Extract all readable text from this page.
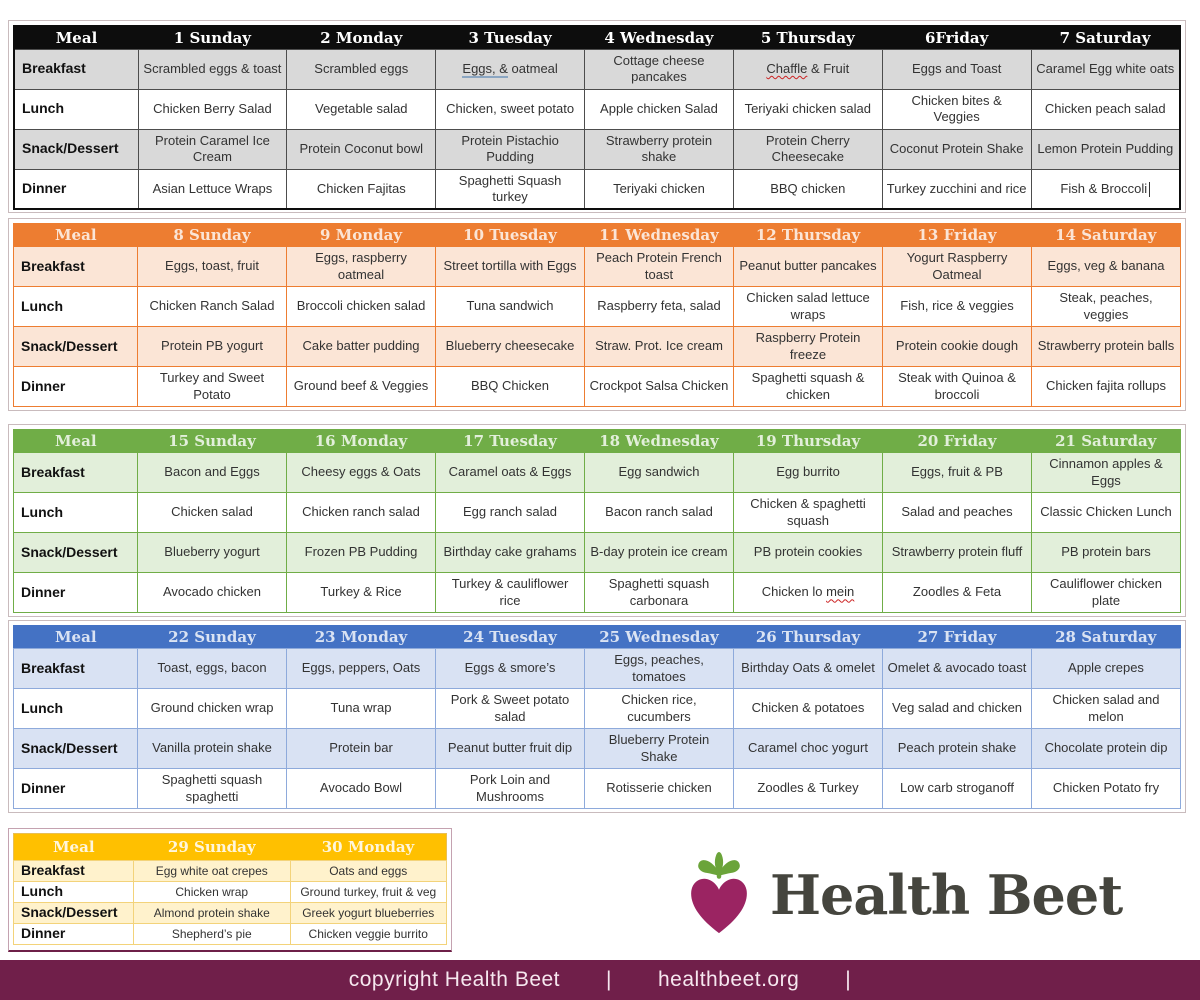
Meal	1 Sunday	2 Monday	3 Tuesday	4 Wednesday	5 Thursday	6Friday	7 Saturday
Breakfast	Scrambled eggs & toast	Scrambled eggs	Eggs, & oatmeal	Cottage cheese pancakes	Chaffle & Fruit	Eggs and Toast	Caramel Egg white oats
Lunch	Chicken Berry Salad	Vegetable salad	Chicken, sweet potato	Apple chicken Salad	Teriyaki chicken salad	Chicken bites & Veggies	Chicken peach salad
Snack/Dessert	Protein Caramel Ice Cream	Protein Coconut bowl	Protein Pistachio Pudding	Strawberry protein shake	Protein Cherry Cheesecake	Coconut Protein Shake	Lemon Protein Pudding
Dinner	Asian Lettuce Wraps	Chicken Fajitas	Spaghetti Squash turkey	Teriyaki chicken	BBQ chicken	Turkey zucchini and rice	Fish & Broccoli
Meal	8 Sunday	9 Monday	10 Tuesday	11 Wednesday	12 Thursday	13 Friday	14 Saturday
Breakfast	Eggs, toast, fruit	Eggs, raspberry oatmeal	Street tortilla with Eggs	Peach Protein French toast	Peanut butter pancakes	Yogurt Raspberry Oatmeal	Eggs, veg & banana
Lunch	Chicken Ranch Salad	Broccoli chicken salad	Tuna sandwich	Raspberry feta, salad	Chicken salad lettuce wraps	Fish, rice & veggies	Steak, peaches, veggies
Snack/Dessert	Protein PB yogurt	Cake batter pudding	Blueberry cheesecake	Straw. Prot. Ice cream	Raspberry Protein freeze	Protein cookie dough	Strawberry protein balls
Dinner	Turkey and Sweet Potato	Ground beef & Veggies	BBQ Chicken	Crockpot Salsa Chicken	Spaghetti squash & chicken	Steak with Quinoa & broccoli	Chicken fajita rollups
Meal	15 Sunday	16 Monday	17 Tuesday	18 Wednesday	19 Thursday	20 Friday	21 Saturday
Breakfast	Bacon and Eggs	Cheesy eggs & Oats	Caramel oats & Eggs	Egg sandwich	Egg burrito	Eggs, fruit & PB	Cinnamon apples & Eggs
Lunch	Chicken salad	Chicken ranch salad	Egg ranch salad	Bacon ranch salad	Chicken & spaghetti squash	Salad and peaches	Classic Chicken Lunch
Snack/Dessert	Blueberry yogurt	Frozen PB Pudding	Birthday cake grahams	B-day protein ice cream	PB protein cookies	Strawberry protein fluff	PB protein bars
Dinner	Avocado chicken	Turkey & Rice	Turkey & cauliflower rice	Spaghetti squash carbonara	Chicken lo mein	Zoodles & Feta	Cauliflower chicken plate
Meal	22 Sunday	23 Monday	24 Tuesday	25 Wednesday	26 Thursday	27 Friday	28 Saturday
Breakfast	Toast, eggs, bacon	Eggs, peppers, Oats	Eggs & smore’s	Eggs, peaches, tomatoes	Birthday Oats & omelet	Omelet & avocado toast	Apple crepes
Lunch	Ground chicken wrap	Tuna wrap	Pork & Sweet potato salad	Chicken rice, cucumbers	Chicken & potatoes	Veg salad and chicken	Chicken salad and melon
Snack/Dessert	Vanilla protein shake	Protein bar	Peanut butter fruit dip	Blueberry Protein Shake	Caramel choc yogurt	Peach protein shake	Chocolate protein dip
Dinner	Spaghetti squash spaghetti	Avocado Bowl	Pork Loin and Mushrooms	Rotisserie chicken	Zoodles & Turkey	Low carb stroganoff	Chicken Potato fry
Meal	29 Sunday	30 Monday
Breakfast	Egg white oat crepes	Oats and eggs
Lunch	Chicken wrap	Ground turkey, fruit & veg
Snack/Dessert	Almond protein shake	Greek yogurt blueberries
Dinner	Shepherd’s pie	Chicken veggie burrito
Health Beet
copyright Health Beet | healthbeet.org |
